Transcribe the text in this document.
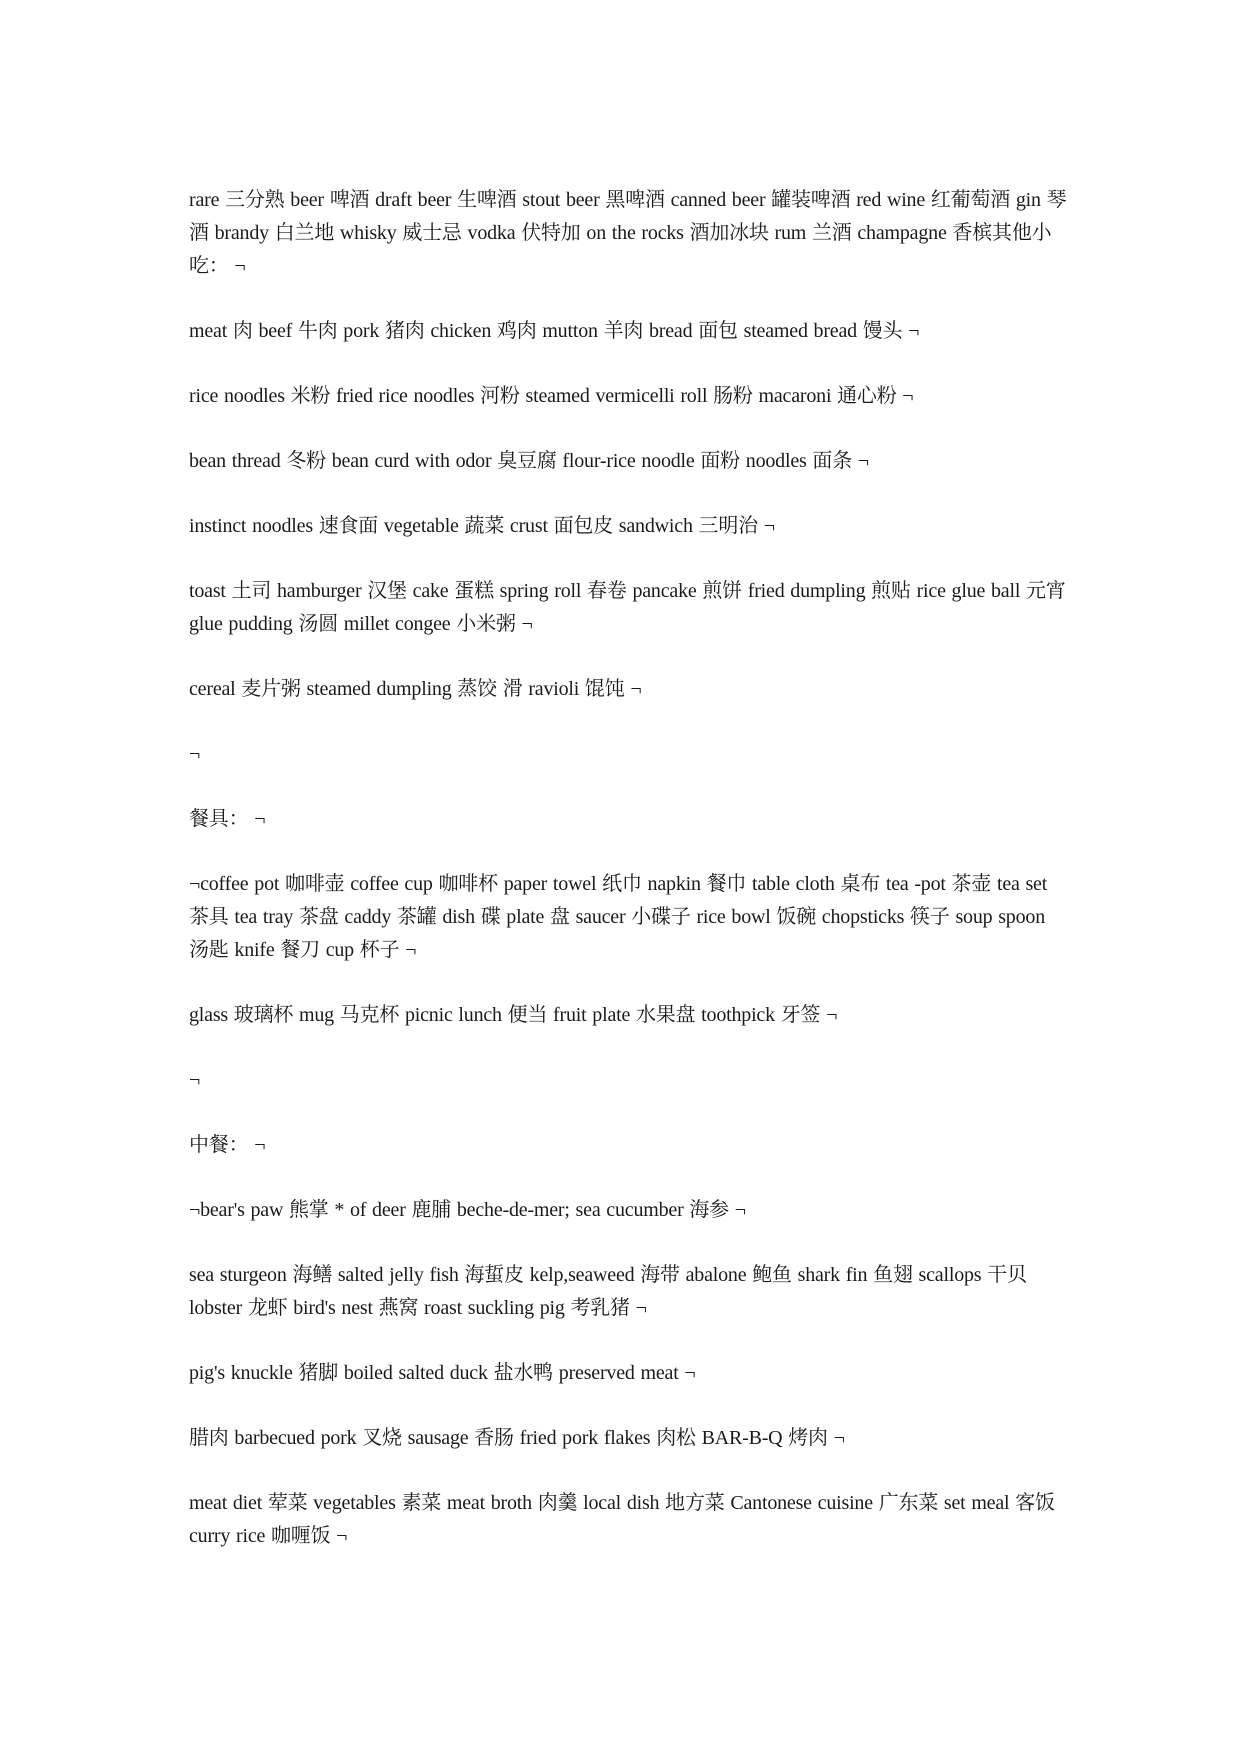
rare 三分熟 beer 啤酒 draft beer 生啤酒 stout beer 黑啤酒 canned beer 罐装啤酒 red wine 红葡萄酒 gin 琴酒 brandy 白兰地 whisky 威士忌 vodka 伏特加 on the rocks 酒加冰块 rum 兰酒 champagne 香槟其他小吃： ¬

meat 肉 beef 牛肉 pork 猪肉 chicken 鸡肉 mutton 羊肉 bread 面包 steamed bread 馒头 ¬

rice noodles 米粉 fried rice noodles 河粉 steamed vermicelli roll 肠粉 macaroni 通心粉 ¬

bean thread 冬粉 bean curd with odor 臭豆腐 flour-rice noodle 面粉 noodles 面条 ¬

instinct noodles 速食面 vegetable 蔬菜 crust 面包皮 sandwich 三明治 ¬

toast 土司 hamburger 汉堡 cake 蛋糕 spring roll 春卷 pancake 煎饼 fried dumpling 煎贴 rice glue ball 元宵 glue pudding 汤圆 millet congee 小米粥 ¬

cereal 麦片粥 steamed dumpling 蒸饺 滑 ravioli 馄饨 ¬

¬

餐具： ¬

¬coffee pot 咖啡壶 coffee cup 咖啡杯 paper towel 纸巾 napkin 餐巾 table cloth 桌布 tea -pot 茶壶 tea set 茶具 tea tray 茶盘 caddy 茶罐 dish 碟 plate 盘 saucer 小碟子 rice bowl 饭碗 chopsticks 筷子 soup spoon 汤匙 knife 餐刀 cup 杯子 ¬

glass 玻璃杯 mug 马克杯 picnic lunch 便当 fruit plate 水果盘 toothpick 牙签 ¬

¬

中餐： ¬

¬bear's paw 熊掌 * of deer 鹿脯 beche-de-mer; sea cucumber 海参 ¬

sea sturgeon 海鳝 salted jelly fish 海蜇皮 kelp,seaweed 海带 abalone 鲍鱼 shark fin 鱼翅 scallops 干贝 lobster 龙虾 bird's nest 燕窝 roast suckling pig 考乳猪 ¬

pig's knuckle 猪脚 boiled salted duck 盐水鸭 preserved meat ¬

腊肉 barbecued pork 叉烧 sausage 香肠 fried pork flakes 肉松 BAR-B-Q 烤肉 ¬

meat diet 荤菜 vegetables 素菜 meat broth 肉羹 local dish 地方菜 Cantonese cuisine 广东菜 set meal 客饭 curry rice 咖喱饭 ¬
